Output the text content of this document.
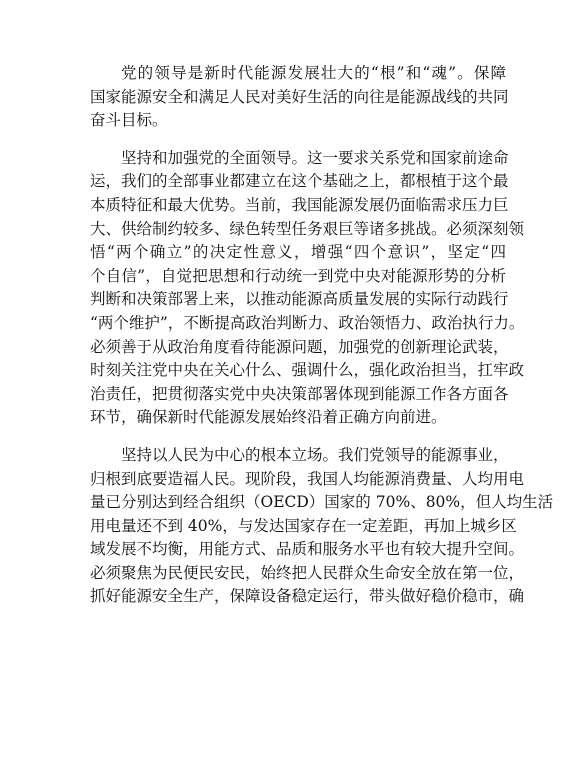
党的领导是新时代能源发展壮大的“根”和“魂”。保障
国家能源安全和满足人民对美好生活的向往是能源战线的共同
奋斗目标。

坚持和加强党的全面领导。这一要求关系党和国家前途命
运，我们的全部事业都建立在这个基础之上，都根植于这个最
本质特征和最大优势。当前，我国能源发展仍面临需求压力巨
大、供给制约较多、绿色转型任务艰巨等诸多挑战。必须深刻领
悟“两个确立”的决定性意义，增强“四个意识”，坚定“四
个自信”，自觉把思想和行动统一到党中央对能源形势的分析
判断和决策部署上来，以推动能源高质量发展的实际行动践行
“两个维护”，不断提高政治判断力、政治领悟力、政治执行力。
必须善于从政治角度看待能源问题，加强党的创新理论武装，
时刻关注党中央在关心什么、强调什么，强化政治担当，扛牢政
治责任，把贯彻落实党中央决策部署体现到能源工作各方面各
环节，确保新时代能源发展始终沿着正确方向前进。

坚持以人民为中心的根本立场。我们党领导的能源事业，
归根到底要造福人民。现阶段，我国人均能源消费量、人均用电
量已分别达到经合组织（OECD）国家的 70%、80%，但人均生活
用电量还不到 40%，与发达国家存在一定差距，再加上城乡区
域发展不均衡，用能方式、品质和服务水平也有较大提升空间。
必须聚焦为民便民安民，始终把人民群众生命安全放在第一位，
抓好能源安全生产，保障设备稳定运行，带头做好稳价稳市，确
